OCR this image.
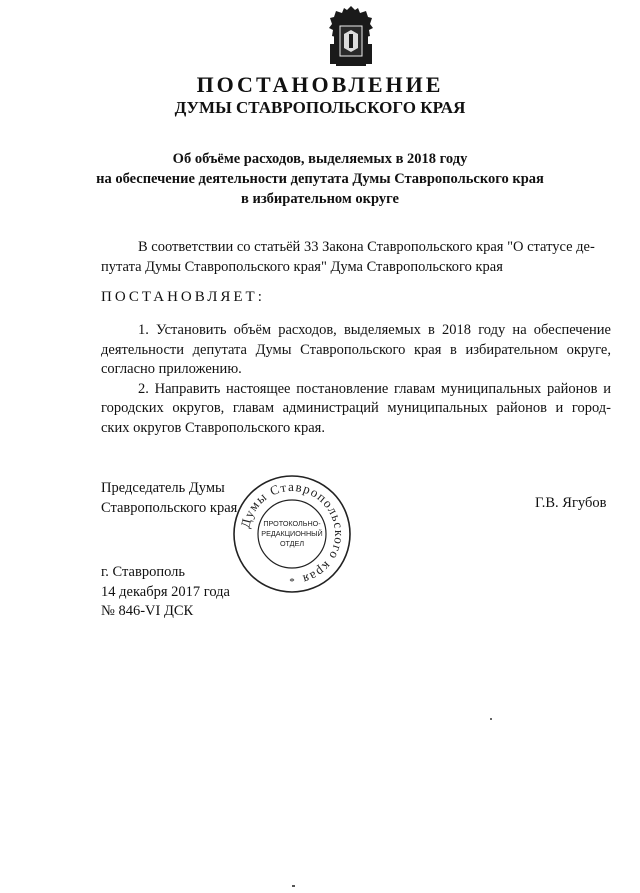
ПОСТАНОВЛЕНИЕ
ДУМЫ СТАВРОПОЛЬСКОГО КРАЯ
Об объёме расходов, выделяемых в 2018 году
на обеспечение деятельности депутата Думы Ставропольского края
в избирательном округе
В соответствии со статьёй 33 Закона Ставропольского края "О статусе де-
путата Думы Ставропольского края" Дума Ставропольского края
ПОСТАНОВЛЯЕТ:
1. Установить объём расходов, выделяемых в 2018 году на обеспечение
деятельности депутата Думы Ставропольского края в избирательном округе,
согласно приложению.
2. Направить настоящее постановление главам муниципальных районов и
городских округов, главам администраций муниципальных районов и город-
ских округов Ставропольского края.
Председатель Думы
Ставропольского края	Г.В. Ягубов
г. Ставрополь
14 декабря 2017 года
№ 846-VI ДСК
Думы Ставропольского края
ПРОТОКОЛЬНО-
РЕДАКЦИОННЫЙ
ОТДЕЛ
*
